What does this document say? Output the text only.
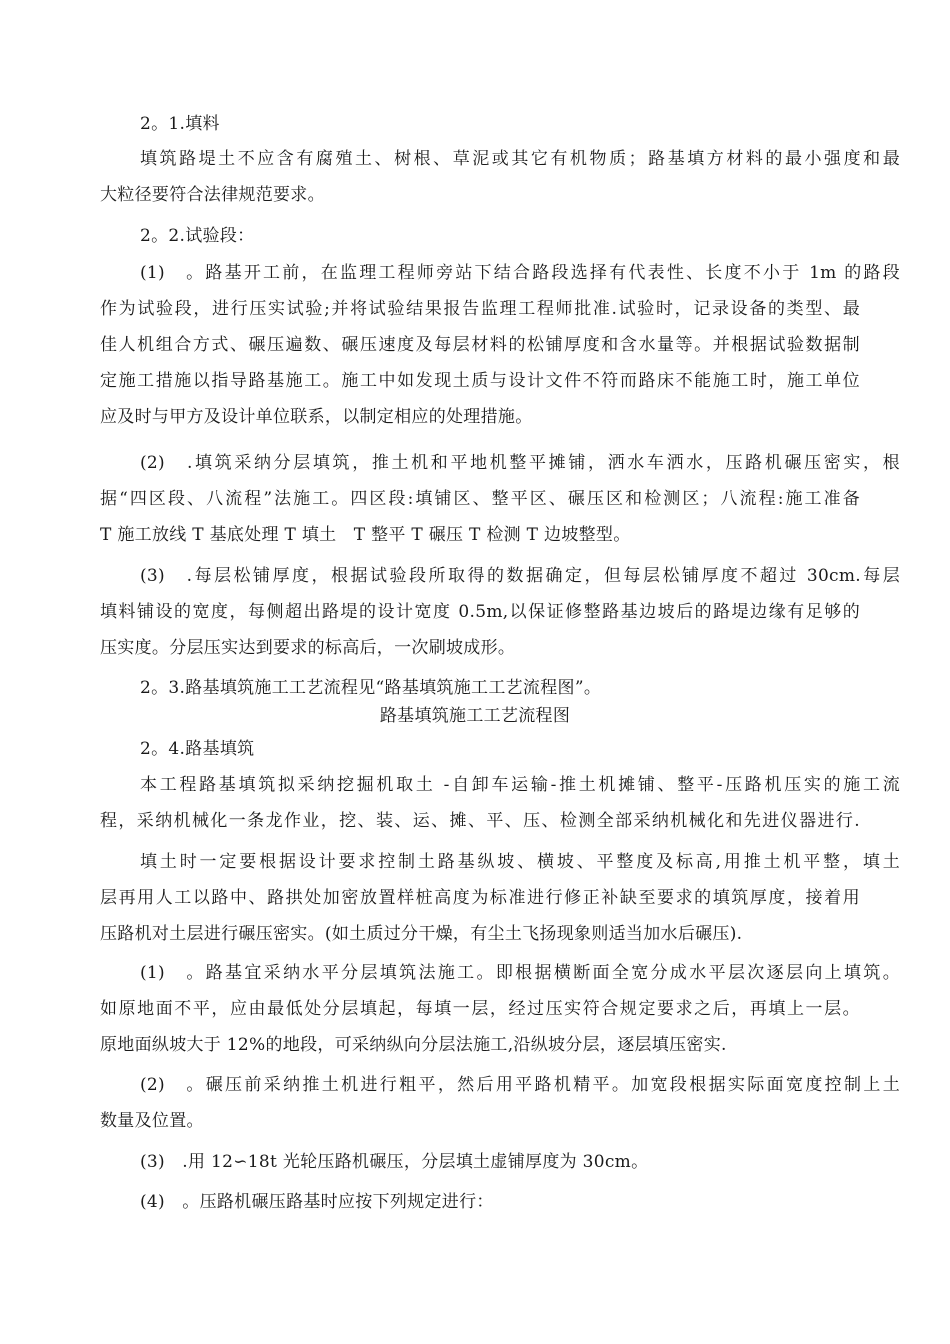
2。1.填料
填筑路堤土不应含有腐殖土、树根、草泥或其它有机物质；路基填方材料的最小强度和最
大粒径要符合法律规范要求。
2。2.试验段：
(1)　。路基开工前，在监理工程师旁站下结合路段选择有代表性、长度不小于 1m 的路段
作为试验段，进行压实试验;并将试验结果报告监理工程师批准.试验时，记录设备的类型、最
佳人机组合方式、碾压遍数、碾压速度及每层材料的松铺厚度和含水量等。并根据试验数据制
定施工措施以指导路基施工。施工中如发现土质与设计文件不符而路床不能施工时，施工单位
应及时与甲方及设计单位联系，以制定相应的处理措施。
(2)　.填筑采纳分层填筑，推土机和平地机整平摊铺，洒水车洒水，压路机碾压密实，根
据“四区段、八流程”法施工。四区段:填铺区、整平区、碾压区和检测区；八流程:施工准备
T 施工放线 T 基底处理 T 填土　T 整平 T 碾压 T 检测 T 边坡整型。
(3)　.每层松铺厚度，根据试验段所取得的数据确定，但每层松铺厚度不超过 30cm.每层
填料铺设的宽度，每侧超出路堤的设计宽度 0.5m,以保证修整路基边坡后的路堤边缘有足够的
压实度。分层压实达到要求的标高后，一次刷坡成形。
2。3.路基填筑施工工艺流程见“路基填筑施工工艺流程图”。
路基填筑施工工艺流程图
2。4.路基填筑
本工程路基填筑拟采纳挖掘机取土 -自卸车运输-推土机摊铺、整平-压路机压实的施工流
程，采纳机械化一条龙作业，挖、装、运、摊、平、压、检测全部采纳机械化和先进仪器进行.
填土时一定要根据设计要求控制土路基纵坡、横坡、平整度及标高,用推土机平整，填土
层再用人工以路中、路拱处加密放置样桩高度为标准进行修正补缺至要求的填筑厚度，接着用
压路机对土层进行碾压密实。(如土质过分干燥，有尘土飞扬现象则适当加水后碾压).
(1)　。路基宜采纳水平分层填筑法施工。即根据横断面全宽分成水平层次逐层向上填筑。
如原地面不平，应由最低处分层填起，每填一层，经过压实符合规定要求之后，再填上一层。
原地面纵坡大于 12%的地段，可采纳纵向分层法施工,沿纵坡分层，逐层填压密实.
(2)　。碾压前采纳推土机进行粗平，然后用平路机精平。加宽段根据实际面宽度控制上土
数量及位置。
(3)　.用 12∽18t 光轮压路机碾压，分层填土虚铺厚度为 30cm。
(4)　。压路机碾压路基时应按下列规定进行：
